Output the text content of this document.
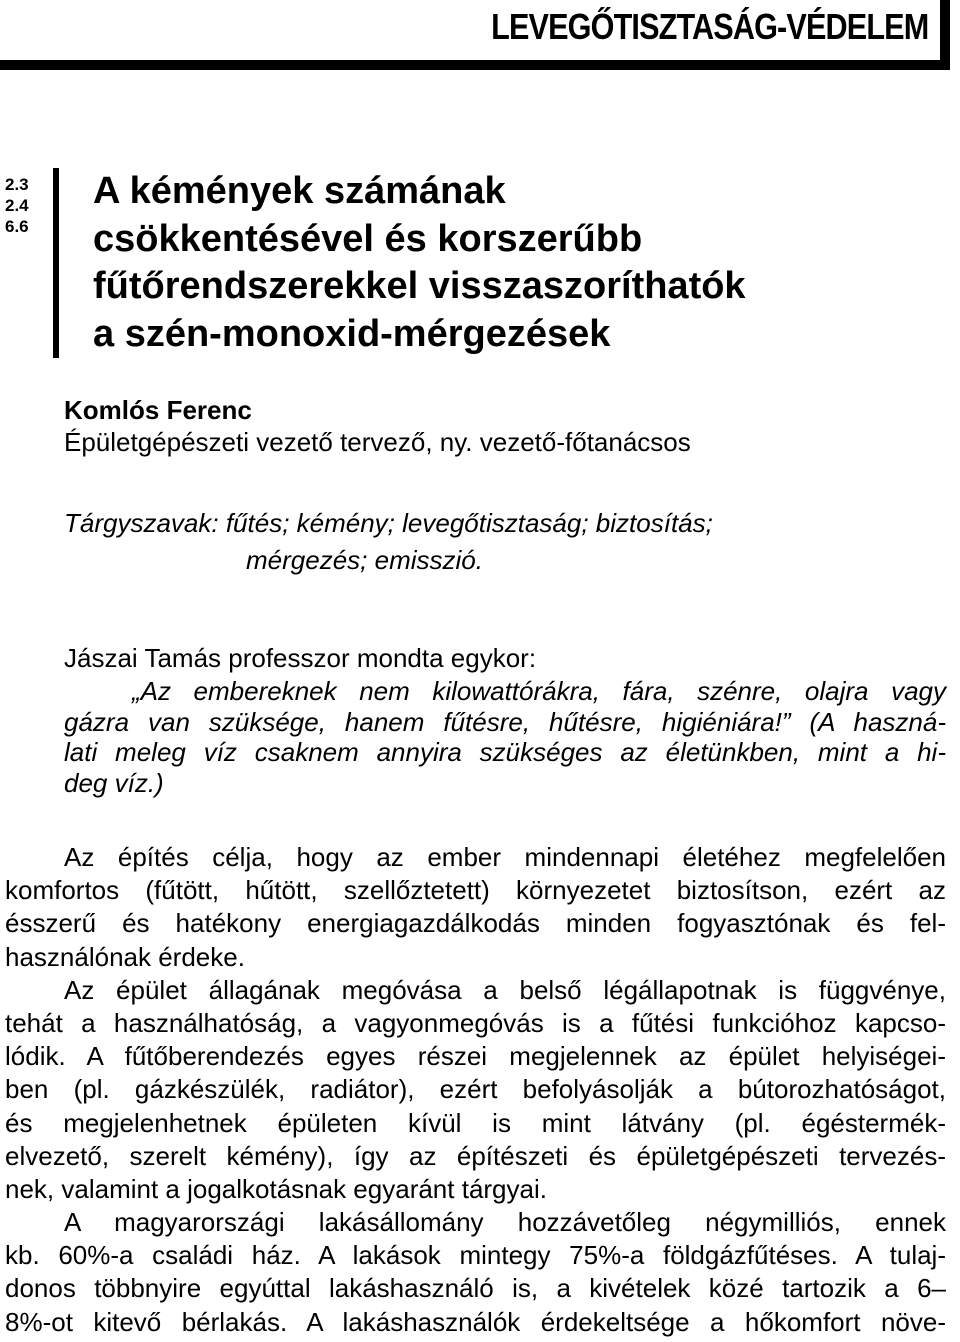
LEVEGŐTISZTASÁG-VÉDELEM
2.3
2.4
6.6
A kémények számának
csökkentésével és korszerűbb
fűtőrendszerekkel visszaszoríthatók
a szén-monoxid-mérgezések
Komlós Ferenc
Épületgépészeti vezető tervező, ny. vezető-főtanácsos
Tárgyszavak: fűtés; kémény; levegőtisztaság; biztosítás;
mérgezés; emisszió.
Jászai Tamás professzor mondta egykor:
„Az embereknek nem kilowattórákra, fára, szénre, olajra vagy
gázra van szüksége, hanem fűtésre, hűtésre, higiéniára!” (A haszná-
lati meleg víz csaknem annyira szükséges az életünkben, mint a hi-
deg víz.)
Az építés célja, hogy az ember mindennapi életéhez megfelelően
komfortos (fűtött, hűtött, szellőztetett) környezetet biztosítson, ezért az
ésszerű és hatékony energiagazdálkodás minden fogyasztónak és fel-
használónak érdeke.
Az épület állagának megóvása a belső légállapotnak is függvénye,
tehát a használhatóság, a vagyonmegóvás is a fűtési funkcióhoz kapcso-
lódik. A fűtőberendezés egyes részei megjelennek az épület helyiségei-
ben (pl. gázkészülék, radiátor), ezért befolyásolják a bútorozhatóságot,
és megjelenhetnek épületen kívül is mint látvány (pl. égéstermék-
elvezető, szerelt kémény), így az építészeti és épületgépészeti tervezés-
nek, valamint a jogalkotásnak egyaránt tárgyai.
A magyarországi lakásállomány hozzávetőleg négymilliós, ennek
kb. 60%-a családi ház. A lakások mintegy 75%-a földgázfűtéses. A tulaj-
donos többnyire egyúttal lakáshasználó is, a kivételek közé tartozik a 6–
8%-ot kitevő bérlakás. A lakáshasználók érdekeltsége a hőkomfort növe-
